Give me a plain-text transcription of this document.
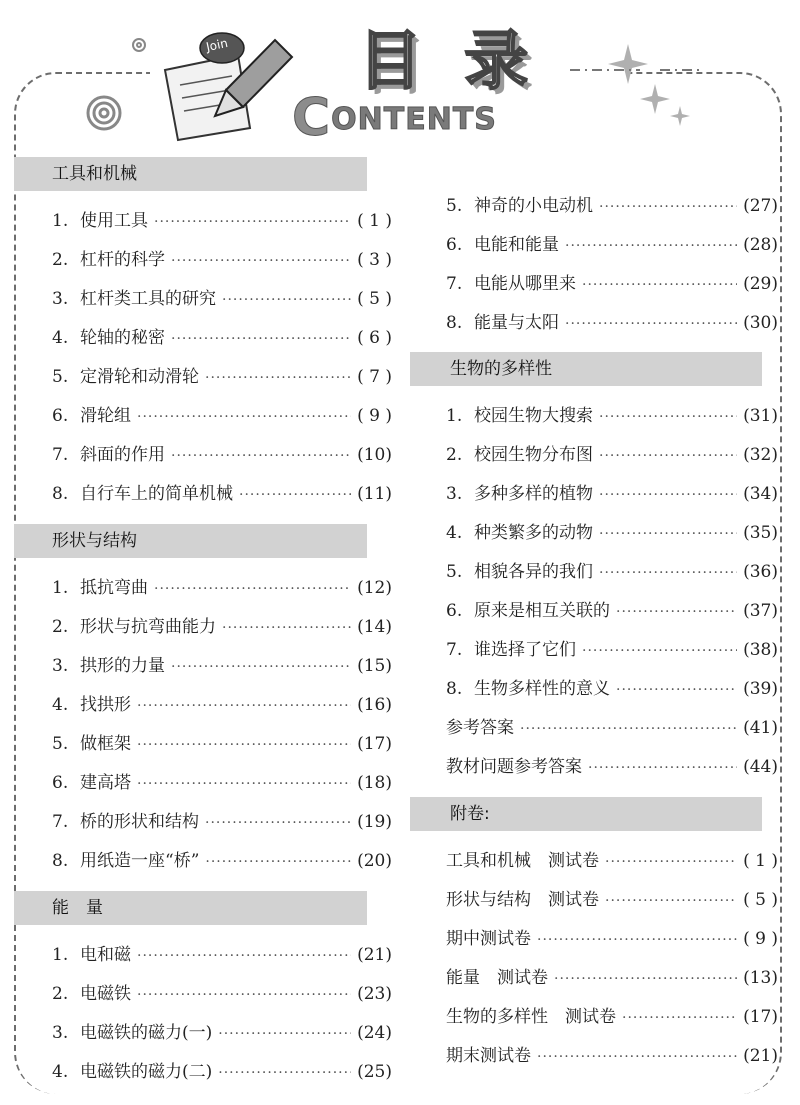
Join 目 录
CONTENTS
工具和机械
1. 使用工具 ·····	( 1 )
2. 杠杆的科学 ·····	( 3 )
3. 杠杆类工具的研究 ·····	( 5 )
4. 轮轴的秘密 ·····	( 6 )
5. 定滑轮和动滑轮 ·····	( 7 )
6. 滑轮组 ·····	( 9 )
7. 斜面的作用 ·····	(10)
8. 自行车上的简单机械 ·····	(11)
形状与结构
1. 抵抗弯曲 ·····	(12)
2. 形状与抗弯曲能力 ·····	(14)
3. 拱形的力量 ·····	(15)
4. 找拱形 ·····	(16)
5. 做框架 ·····	(17)
6. 建高塔 ·····	(18)
7. 桥的形状和结构 ·····	(19)
8. 用纸造一座“桥” ·····	(20)
能　量
1. 电和磁 ·····	(21)
2. 电磁铁 ·····	(23)
3. 电磁铁的磁力(一) ·····	(24)
4. 电磁铁的磁力(二) ·····	(25)
5. 神奇的小电动机 ·····	(27)
6. 电能和能量 ·····	(28)
7. 电能从哪里来 ·····	(29)
8. 能量与太阳 ·····	(30)
生物的多样性
1. 校园生物大搜索 ·····	(31)
2. 校园生物分布图 ·····	(32)
3. 多种多样的植物 ·····	(34)
4. 种类繁多的动物 ·····	(35)
5. 相貌各异的我们 ·····	(36)
6. 原来是相互关联的 ·····	(37)
7. 谁选择了它们 ·····	(38)
8. 生物多样性的意义 ·····	(39)
参考答案 ·····	(41)
教材问题参考答案 ·····	(44)
附卷:
工具和机械　测试卷 ·····	( 1 )
形状与结构　测试卷 ·····	( 5 )
期中测试卷 ·····	( 9 )
能量　测试卷 ·····	(13)
生物的多样性　测试卷 ·····	(17)
期末测试卷 ·····	(21)
